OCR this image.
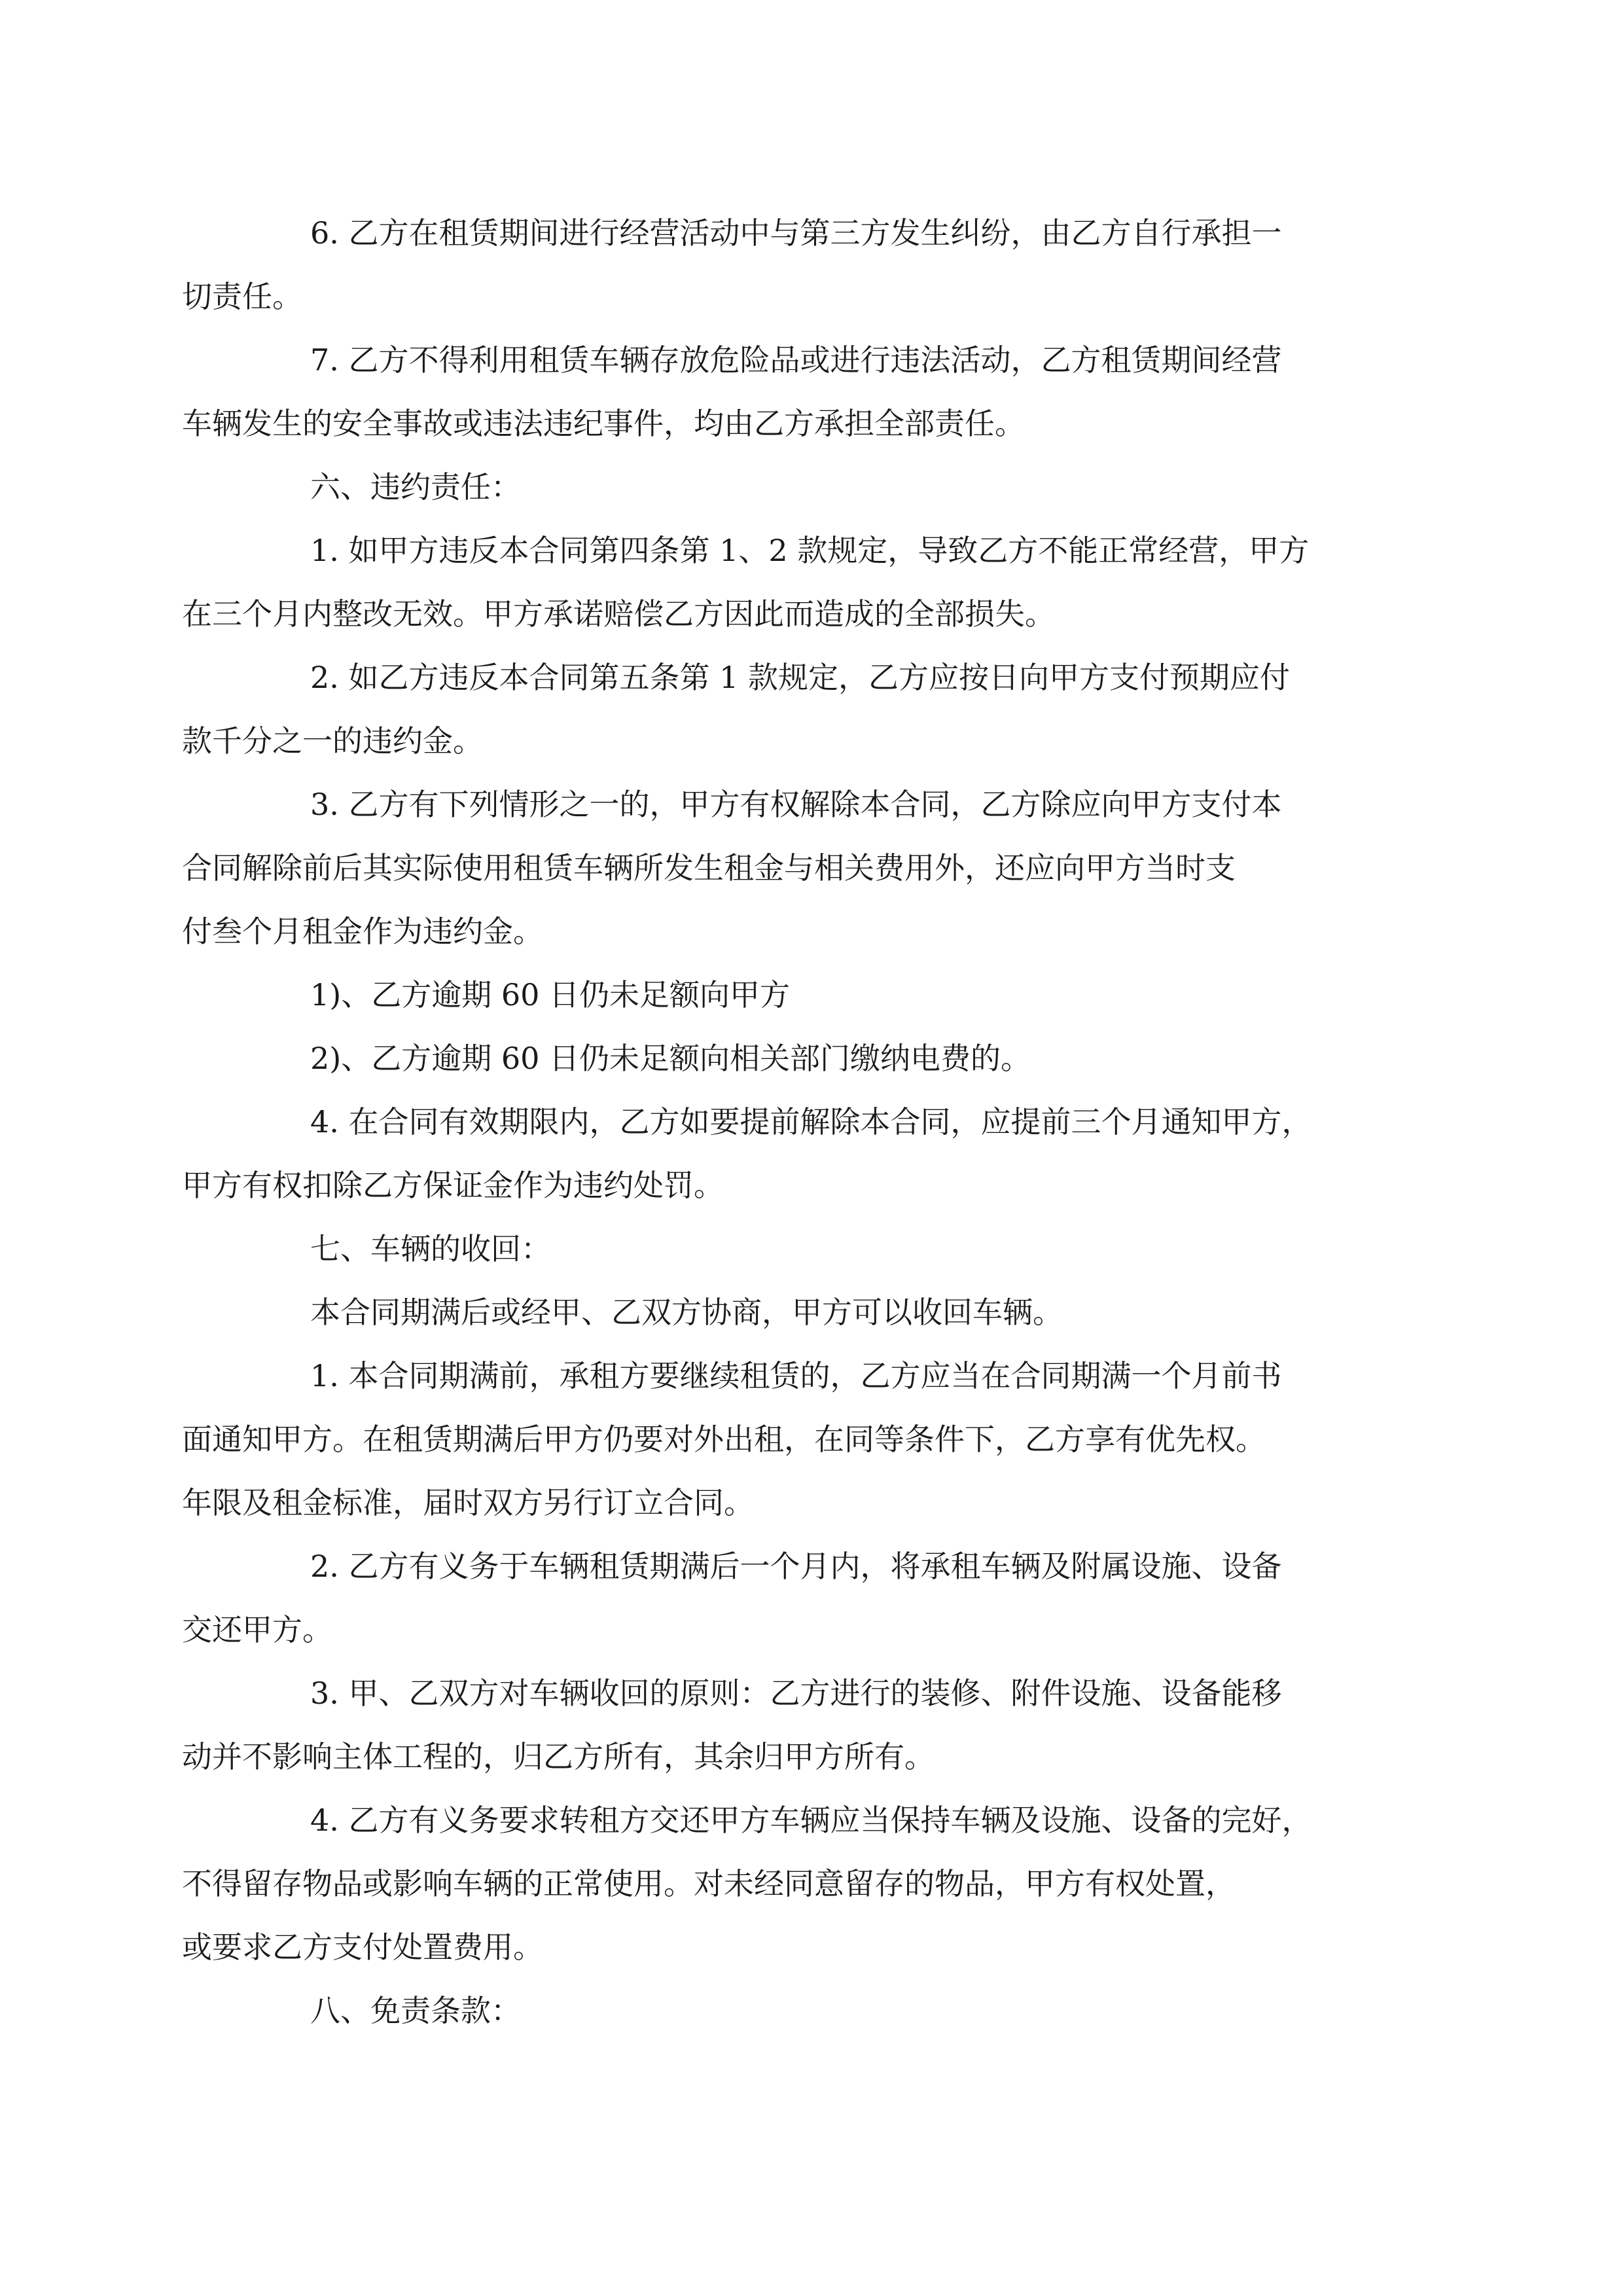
6. 乙方在租赁期间进行经营活动中与第三方发生纠纷，由乙方自行承担一
切责任。

7. 乙方不得利用租赁车辆存放危险品或进行违法活动，乙方租赁期间经营
车辆发生的安全事故或违法违纪事件，均由乙方承担全部责任。

六、违约责任：

1. 如甲方违反本合同第四条第 1、2 款规定，导致乙方不能正常经营，甲方
在三个月内整改无效。甲方承诺赔偿乙方因此而造成的全部损失。

2. 如乙方违反本合同第五条第 1 款规定，乙方应按日向甲方支付预期应付
款千分之一的违约金。

3. 乙方有下列情形之一的，甲方有权解除本合同，乙方除应向甲方支付本
合同解除前后其实际使用租赁车辆所发生租金与相关费用外，还应向甲方当时支
付叁个月租金作为违约金。

1)、乙方逾期 60 日仍未足额向甲方

2)、乙方逾期 60 日仍未足额向相关部门缴纳电费的。

4. 在合同有效期限内，乙方如要提前解除本合同，应提前三个月通知甲方，
甲方有权扣除乙方保证金作为违约处罚。

七、车辆的收回：

本合同期满后或经甲、乙双方协商，甲方可以收回车辆。

1. 本合同期满前，承租方要继续租赁的，乙方应当在合同期满一个月前书
面通知甲方。在租赁期满后甲方仍要对外出租，在同等条件下，乙方享有优先权。
年限及租金标准，届时双方另行订立合同。

2. 乙方有义务于车辆租赁期满后一个月内，将承租车辆及附属设施、设备
交还甲方。

3. 甲、乙双方对车辆收回的原则：乙方进行的装修、附件设施、设备能移
动并不影响主体工程的，归乙方所有，其余归甲方所有。

4. 乙方有义务要求转租方交还甲方车辆应当保持车辆及设施、设备的完好，
不得留存物品或影响车辆的正常使用。对未经同意留存的物品，甲方有权处置，
或要求乙方支付处置费用。

八、免责条款：
